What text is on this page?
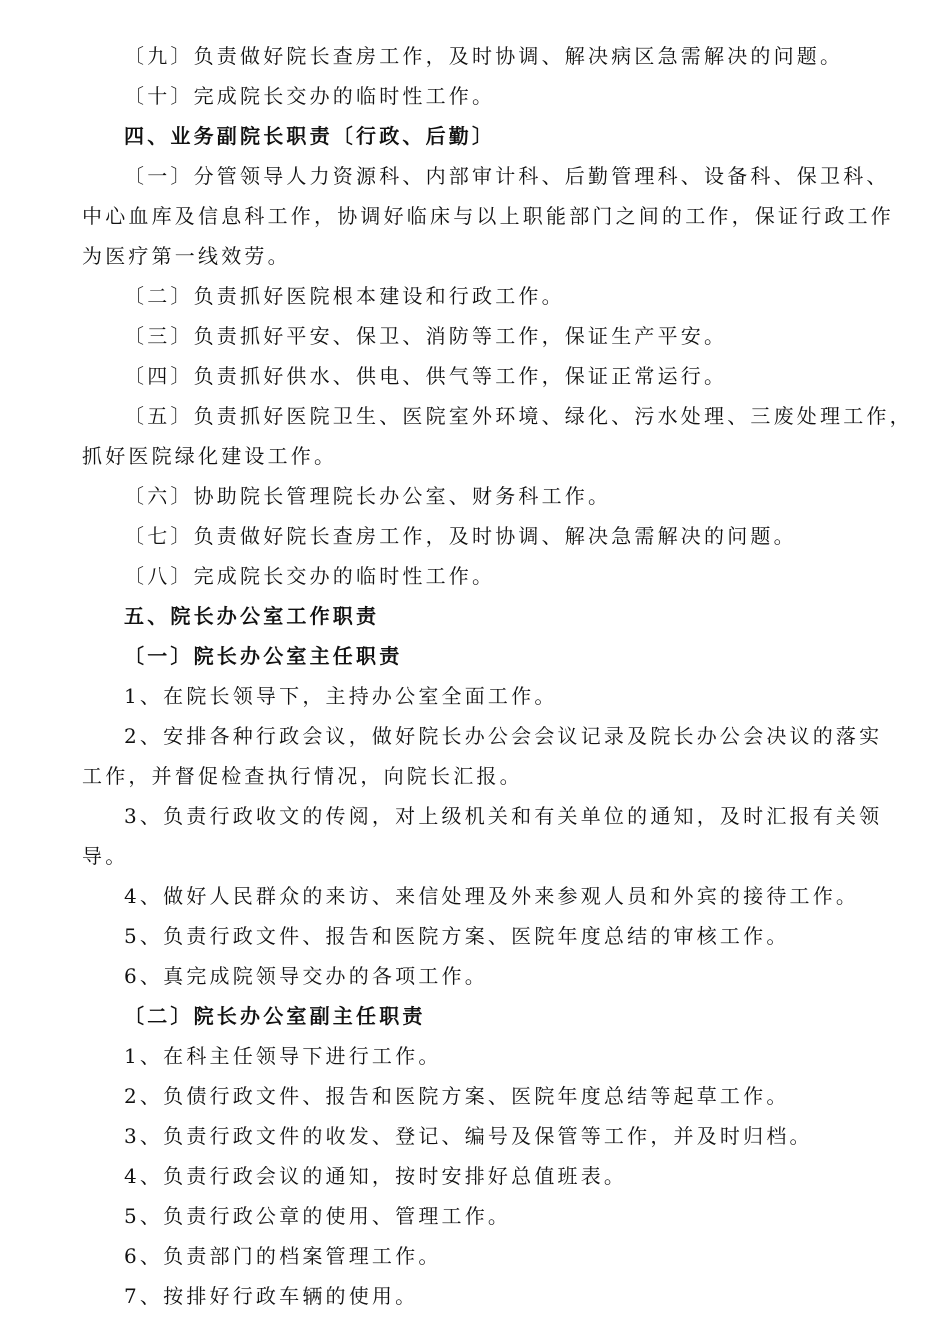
〔九〕负责做好院长查房工作，及时协调、解决病区急需解决的问题。
〔十〕完成院长交办的临时性工作。
四、业务副院长职责〔行政、后勤〕
〔一〕分管领导人力资源科、内部审计科、后勤管理科、设备科、保卫科、
中心血库及信息科工作，协调好临床与以上职能部门之间的工作，保证行政工作
为医疗第一线效劳。
〔二〕负责抓好医院根本建设和行政工作。
〔三〕负责抓好平安、保卫、消防等工作，保证生产平安。
〔四〕负责抓好供水、供电、供气等工作，保证正常运行。
〔五〕负责抓好医院卫生、医院室外环境、绿化、污水处理、三废处理工作，
抓好医院绿化建设工作。
〔六〕协助院长管理院长办公室、财务科工作。
〔七〕负责做好院长查房工作，及时协调、解决急需解决的问题。
〔八〕完成院长交办的临时性工作。
五、院长办公室工作职责
〔一〕院长办公室主任职责
1、在院长领导下，主持办公室全面工作。
2、安排各种行政会议，做好院长办公会会议记录及院长办公会决议的落实
工作，并督促检查执行情况，向院长汇报。
3、负责行政收文的传阅，对上级机关和有关单位的通知，及时汇报有关领
导。
4、做好人民群众的来访、来信处理及外来参观人员和外宾的接待工作。
5、负责行政文件、报告和医院方案、医院年度总结的审核工作。
6、真完成院领导交办的各项工作。
〔二〕院长办公室副主任职责
1、在科主任领导下进行工作。
2、负债行政文件、报告和医院方案、医院年度总结等起草工作。
3、负责行政文件的收发、登记、编号及保管等工作，并及时归档。
4、负责行政会议的通知，按时安排好总值班表。
5、负责行政公章的使用、管理工作。
6、负责部门的档案管理工作。
7、按排好行政车辆的使用。
